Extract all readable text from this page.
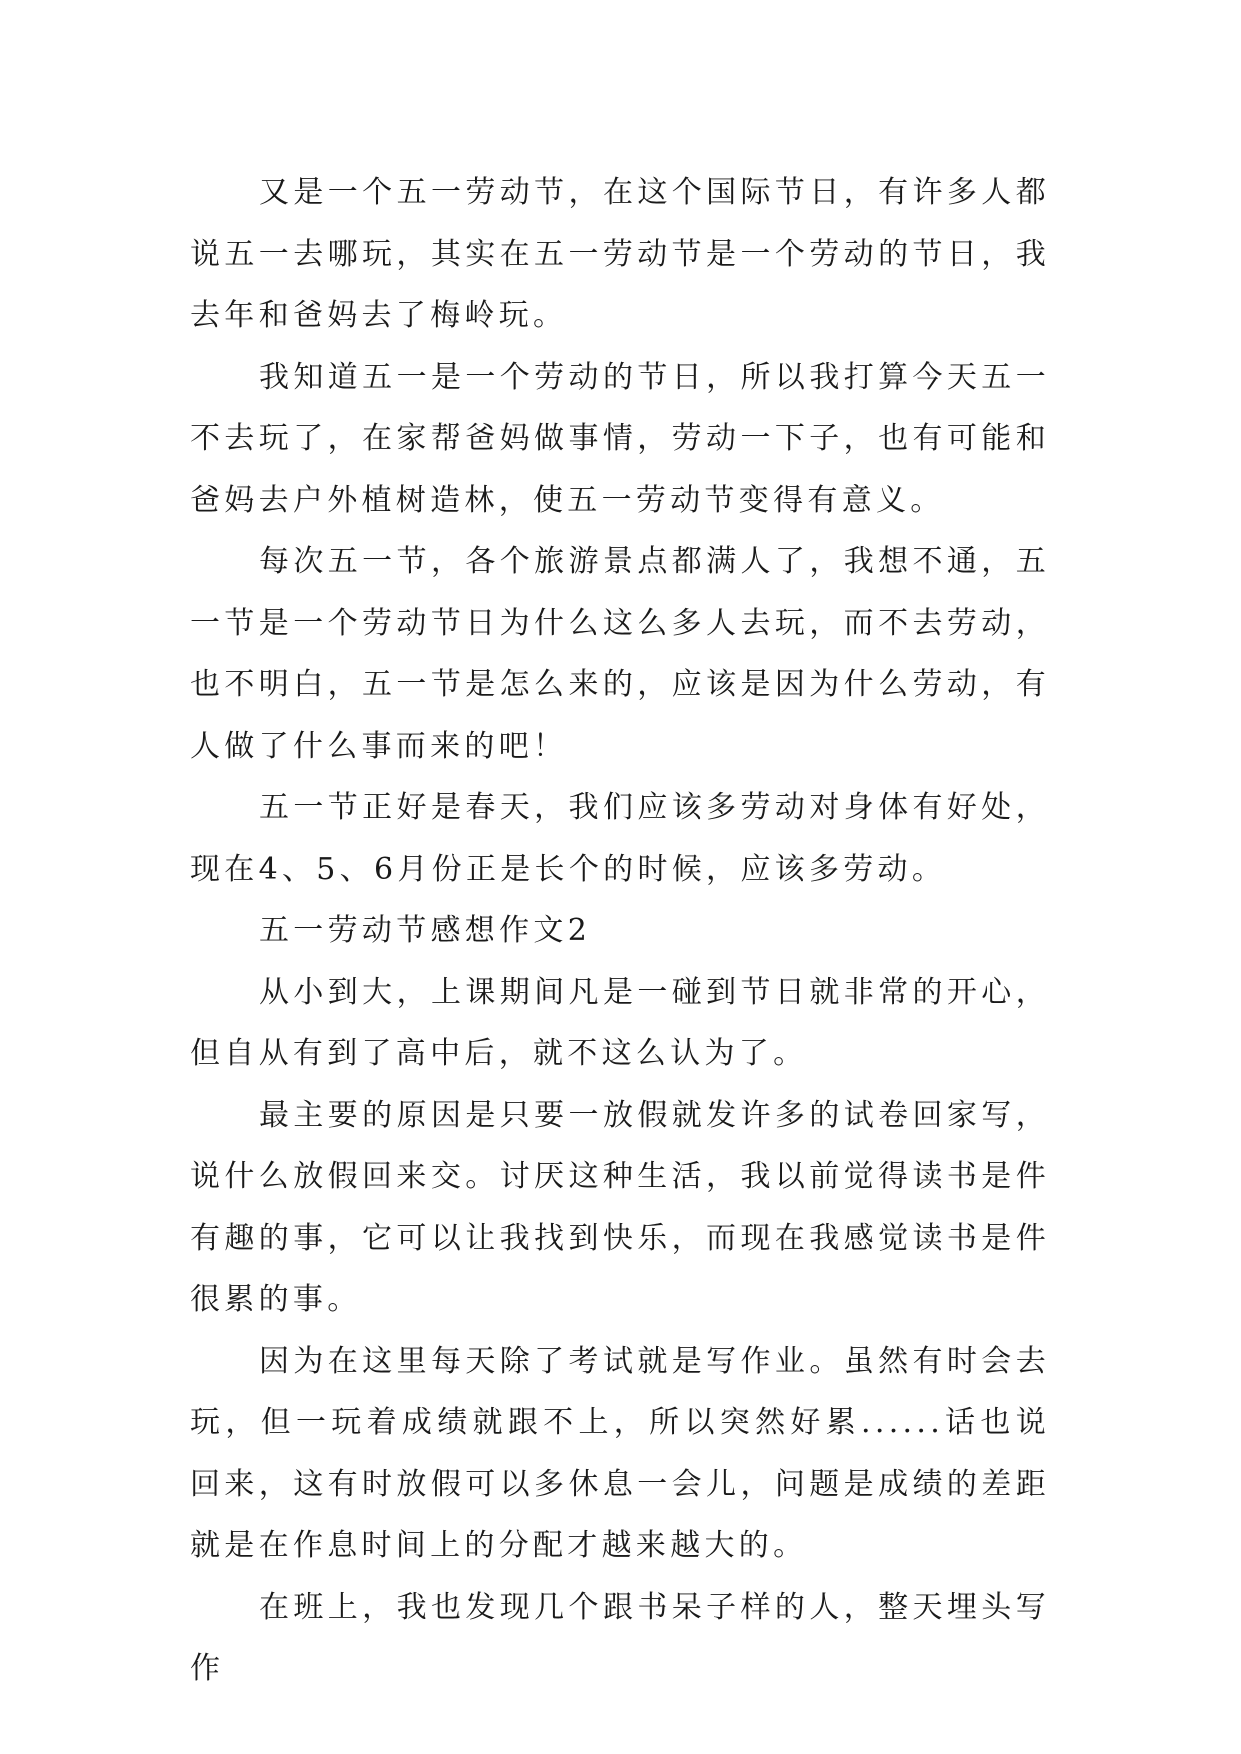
又是一个五一劳动节，在这个国际节日，有许多人都说五一去哪玩，其实在五一劳动节是一个劳动的节日，我去年和爸妈去了梅岭玩。

我知道五一是一个劳动的节日，所以我打算今天五一不去玩了，在家帮爸妈做事情，劳动一下子，也有可能和爸妈去户外植树造林，使五一劳动节变得有意义。

每次五一节，各个旅游景点都满人了，我想不通，五一节是一个劳动节日为什么这么多人去玩，而不去劳动，也不明白，五一节是怎么来的，应该是因为什么劳动，有人做了什么事而来的吧！

五一节正好是春天，我们应该多劳动对身体有好处，现在4、5、6月份正是长个的时候，应该多劳动。

五一劳动节感想作文2

从小到大，上课期间凡是一碰到节日就非常的开心，但自从有到了高中后，就不这么认为了。

最主要的原因是只要一放假就发许多的试卷回家写，说什么放假回来交。讨厌这种生活，我以前觉得读书是件有趣的事，它可以让我找到快乐，而现在我感觉读书是件很累的事。

因为在这里每天除了考试就是写作业。虽然有时会去玩，但一玩着成绩就跟不上，所以突然好累......话也说回来，这有时放假可以多休息一会儿，问题是成绩的差距就是在作息时间上的分配才越来越大的。

在班上，我也发现几个跟书呆子样的人，整天埋头写作
